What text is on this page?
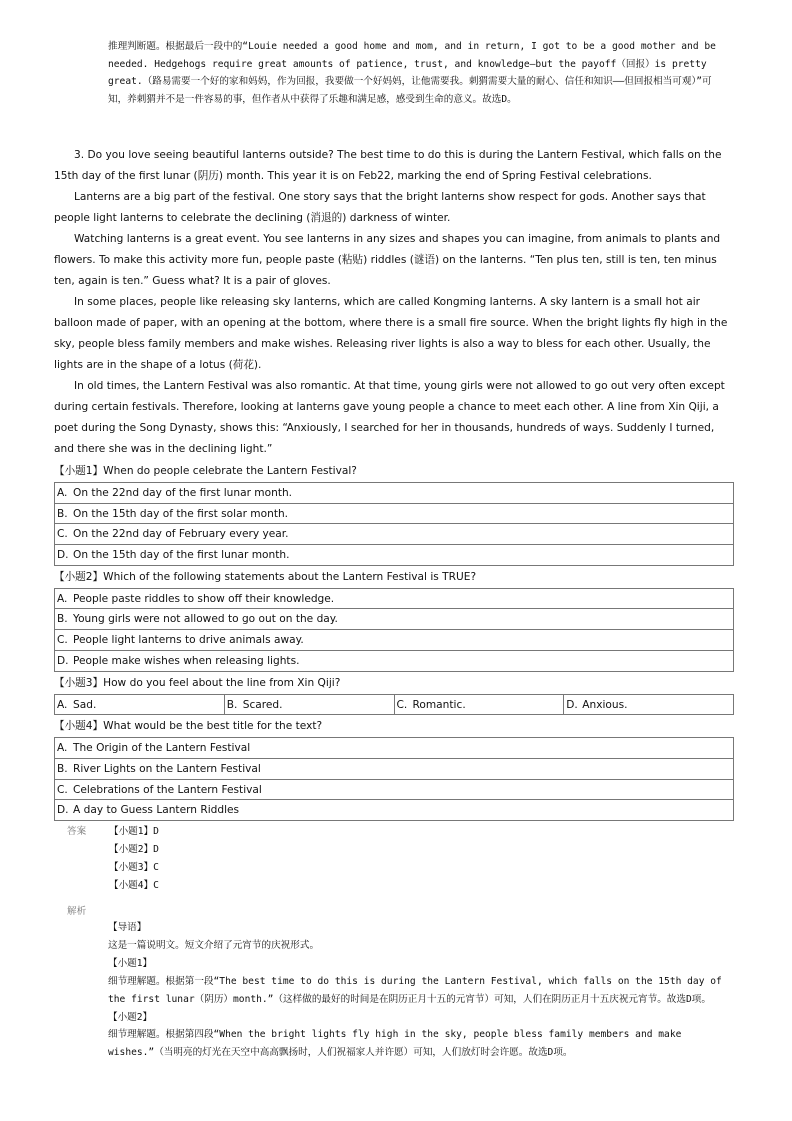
推理判断题。根据最后一段中的“Louie needed a good home and mom, and in return, I got to be a good mother and be needed. Hedgehogs require great amounts of patience, trust, and knowledge—but the payoff（回报）is pretty great.（路易需要一个好的家和妈妈，作为回报，我要做一个好妈妈，让他需要我。刺猬需要大量的耐心、信任和知识——但回报相当可观）”可知，养刺猬并不是一件容易的事，但作者从中获得了乐趣和满足感，感受到生命的意义。故选D。

3. Do you love seeing beautiful lanterns outside? The best time to do this is during the Lantern Festival, which falls on the 15th day of the first lunar (阴历) month. This year it is on Feb22, marking the end of Spring Festival celebrations.

Lanterns are a big part of the festival. One story says that the bright lanterns show respect for gods. Another says that people light lanterns to celebrate the declining (消退的) darkness of winter.

Watching lanterns is a great event. You see lanterns in any sizes and shapes you can imagine, from animals to plants and flowers. To make this activity more fun, people paste (粘贴) riddles (谜语) on the lanterns. “Ten plus ten, still is ten, ten minus ten, again is ten.” Guess what? It is a pair of gloves.

In some places, people like releasing sky lanterns, which are called Kongming lanterns. A sky lantern is a small hot air balloon made of paper, with an opening at the bottom, where there is a small fire source. When the bright lights fly high in the sky, people bless family members and make wishes. Releasing river lights is also a way to bless for each other. Usually, the lights are in the shape of a lotus (荷花).

In old times, the Lantern Festival was also romantic. At that time, young girls were not allowed to go out very often except during certain festivals. Therefore, looking at lanterns gave young people a chance to meet each other. A line from Xin Qiji, a poet during the Song Dynasty, shows this: “Anxiously, I searched for her in thousands, hundreds of ways. Suddenly I turned, and there she was in the declining light.”

【小题1】When do people celebrate the Lantern Festival?
A. On the 22nd day of the first lunar month.
B. On the 15th day of the first solar month.
C. On the 22nd day of February every year.
D. On the 15th day of the first lunar month.
【小题2】Which of the following statements about the Lantern Festival is TRUE?
A. People paste riddles to show off their knowledge.
B. Young girls were not allowed to go out on the day.
C. People light lanterns to drive animals away.
D. People make wishes when releasing lights.
【小题3】How do you feel about the line from Xin Qiji?
A. Sad.	B. Scared.	C. Romantic.	D. Anxious.
【小题4】What would be the best title for the text?
A. The Origin of the Lantern Festival
B. River Lights on the Lantern Festival
C. Celebrations of the Lantern Festival
D. A day to Guess Lantern Riddles
答案 【小题1】D
【小题2】D
【小题3】C
【小题4】C
解析
【导语】
这是一篇说明文。短文介绍了元宵节的庆祝形式。
【小题1】
细节理解题。根据第一段“The best time to do this is during the Lantern Festival, which falls on the 15th day of the first lunar（阴历）month.”（这样做的最好的时间是在阴历正月十五的元宵节）可知，人们在阴历正月十五庆祝元宵节。故选D项。
【小题2】
细节理解题。根据第四段“When the bright lights fly high in the sky, people bless family members and make wishes.”（当明亮的灯光在天空中高高飘扬时，人们祝福家人并许愿）可知，人们放灯时会许愿。故选D项。
